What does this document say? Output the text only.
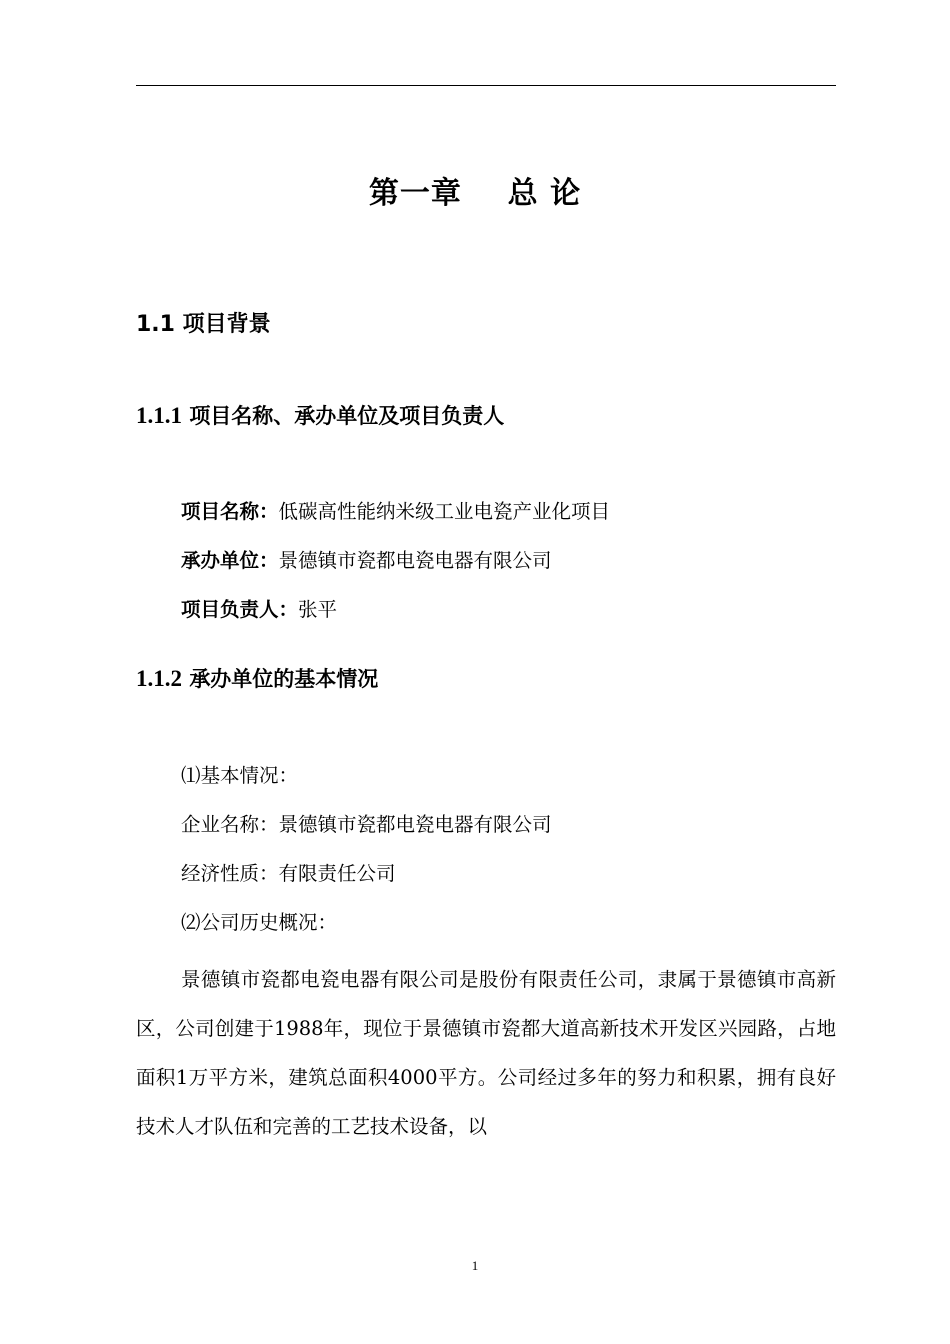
第一章    总 论
1.1 项目背景
1.1.1 项目名称、承办单位及项目负责人
项目名称：低碳高性能纳米级工业电瓷产业化项目
承办单位：景德镇市瓷都电瓷电器有限公司
项目负责人：张平
1.1.2 承办单位的基本情况
⑴基本情况：
企业名称：景德镇市瓷都电瓷电器有限公司
经济性质：有限责任公司
⑵公司历史概况：
景德镇市瓷都电瓷电器有限公司是股份有限责任公司，隶属于景德镇市高新区，公司创建于1988年，现位于景德镇市瓷都大道高新技术开发区兴园路，占地面积1万平方米，建筑总面积4000平方。公司经过多年的努力和积累，拥有良好技术人才队伍和完善的工艺技术设备，以
1
